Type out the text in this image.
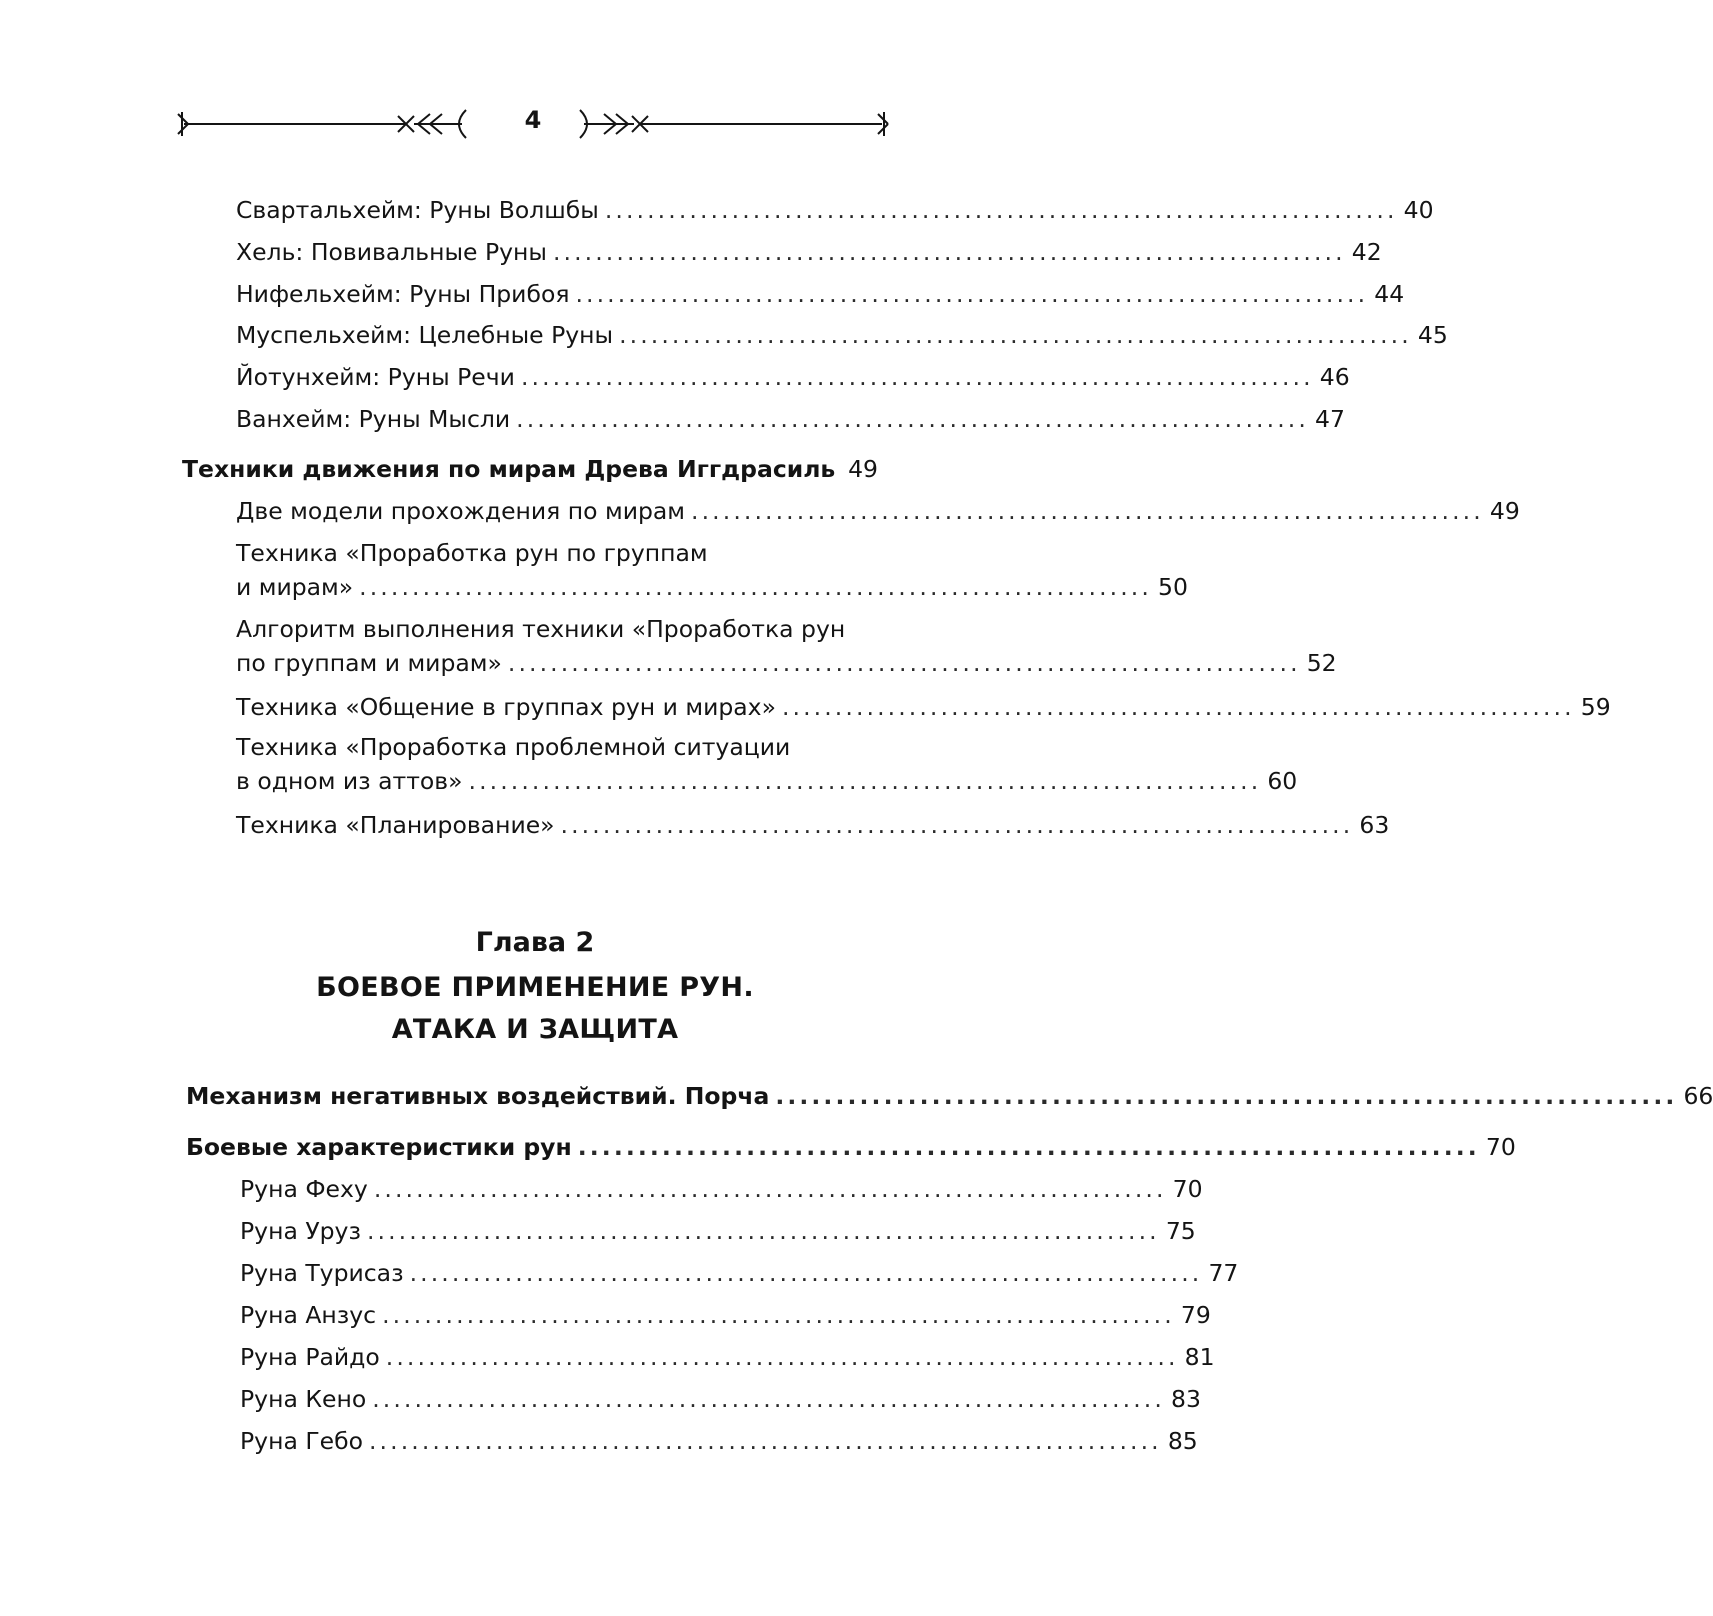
4
Свартальхейм: Руны Волшбы ........................................................................... 40
Хель: Повивальные Руны ........................................................................... 42
Нифельхейм: Руны Прибоя ........................................................................... 44
Муспельхейм: Целебные Руны ........................................................................... 45
Йотунхейм: Руны Речи ........................................................................... 46
Ванхейм: Руны Мысли ........................................................................... 47
Техники движения по мирам Древа Иггдрасиль 49
Две модели прохождения по мирам ........................................................................... 49
Техника «Проработка рун по группам
и мирам» ........................................................................... 50
Алгоритм выполнения техники «Проработка рун
по группам и мирам» ........................................................................... 52
Техника «Общение в группах рун и мирах» ........................................................................... 59
Техника «Проработка проблемной ситуации
в одном из аттов» ........................................................................... 60
Техника «Планирование» ........................................................................... 63
Глава 2
БОЕВОЕ ПРИМЕНЕНИЕ РУН.
АТАКА И ЗАЩИТА
Механизм негативных воздействий. Порча ........................................................................... 66
Боевые характеристики рун ........................................................................... 70
Руна Феху ........................................................................... 70
Руна Уруз ........................................................................... 75
Руна Турисаз ........................................................................... 77
Руна Анзус ........................................................................... 79
Руна Райдо ........................................................................... 81
Руна Кено ........................................................................... 83
Руна Гебо ........................................................................... 85
